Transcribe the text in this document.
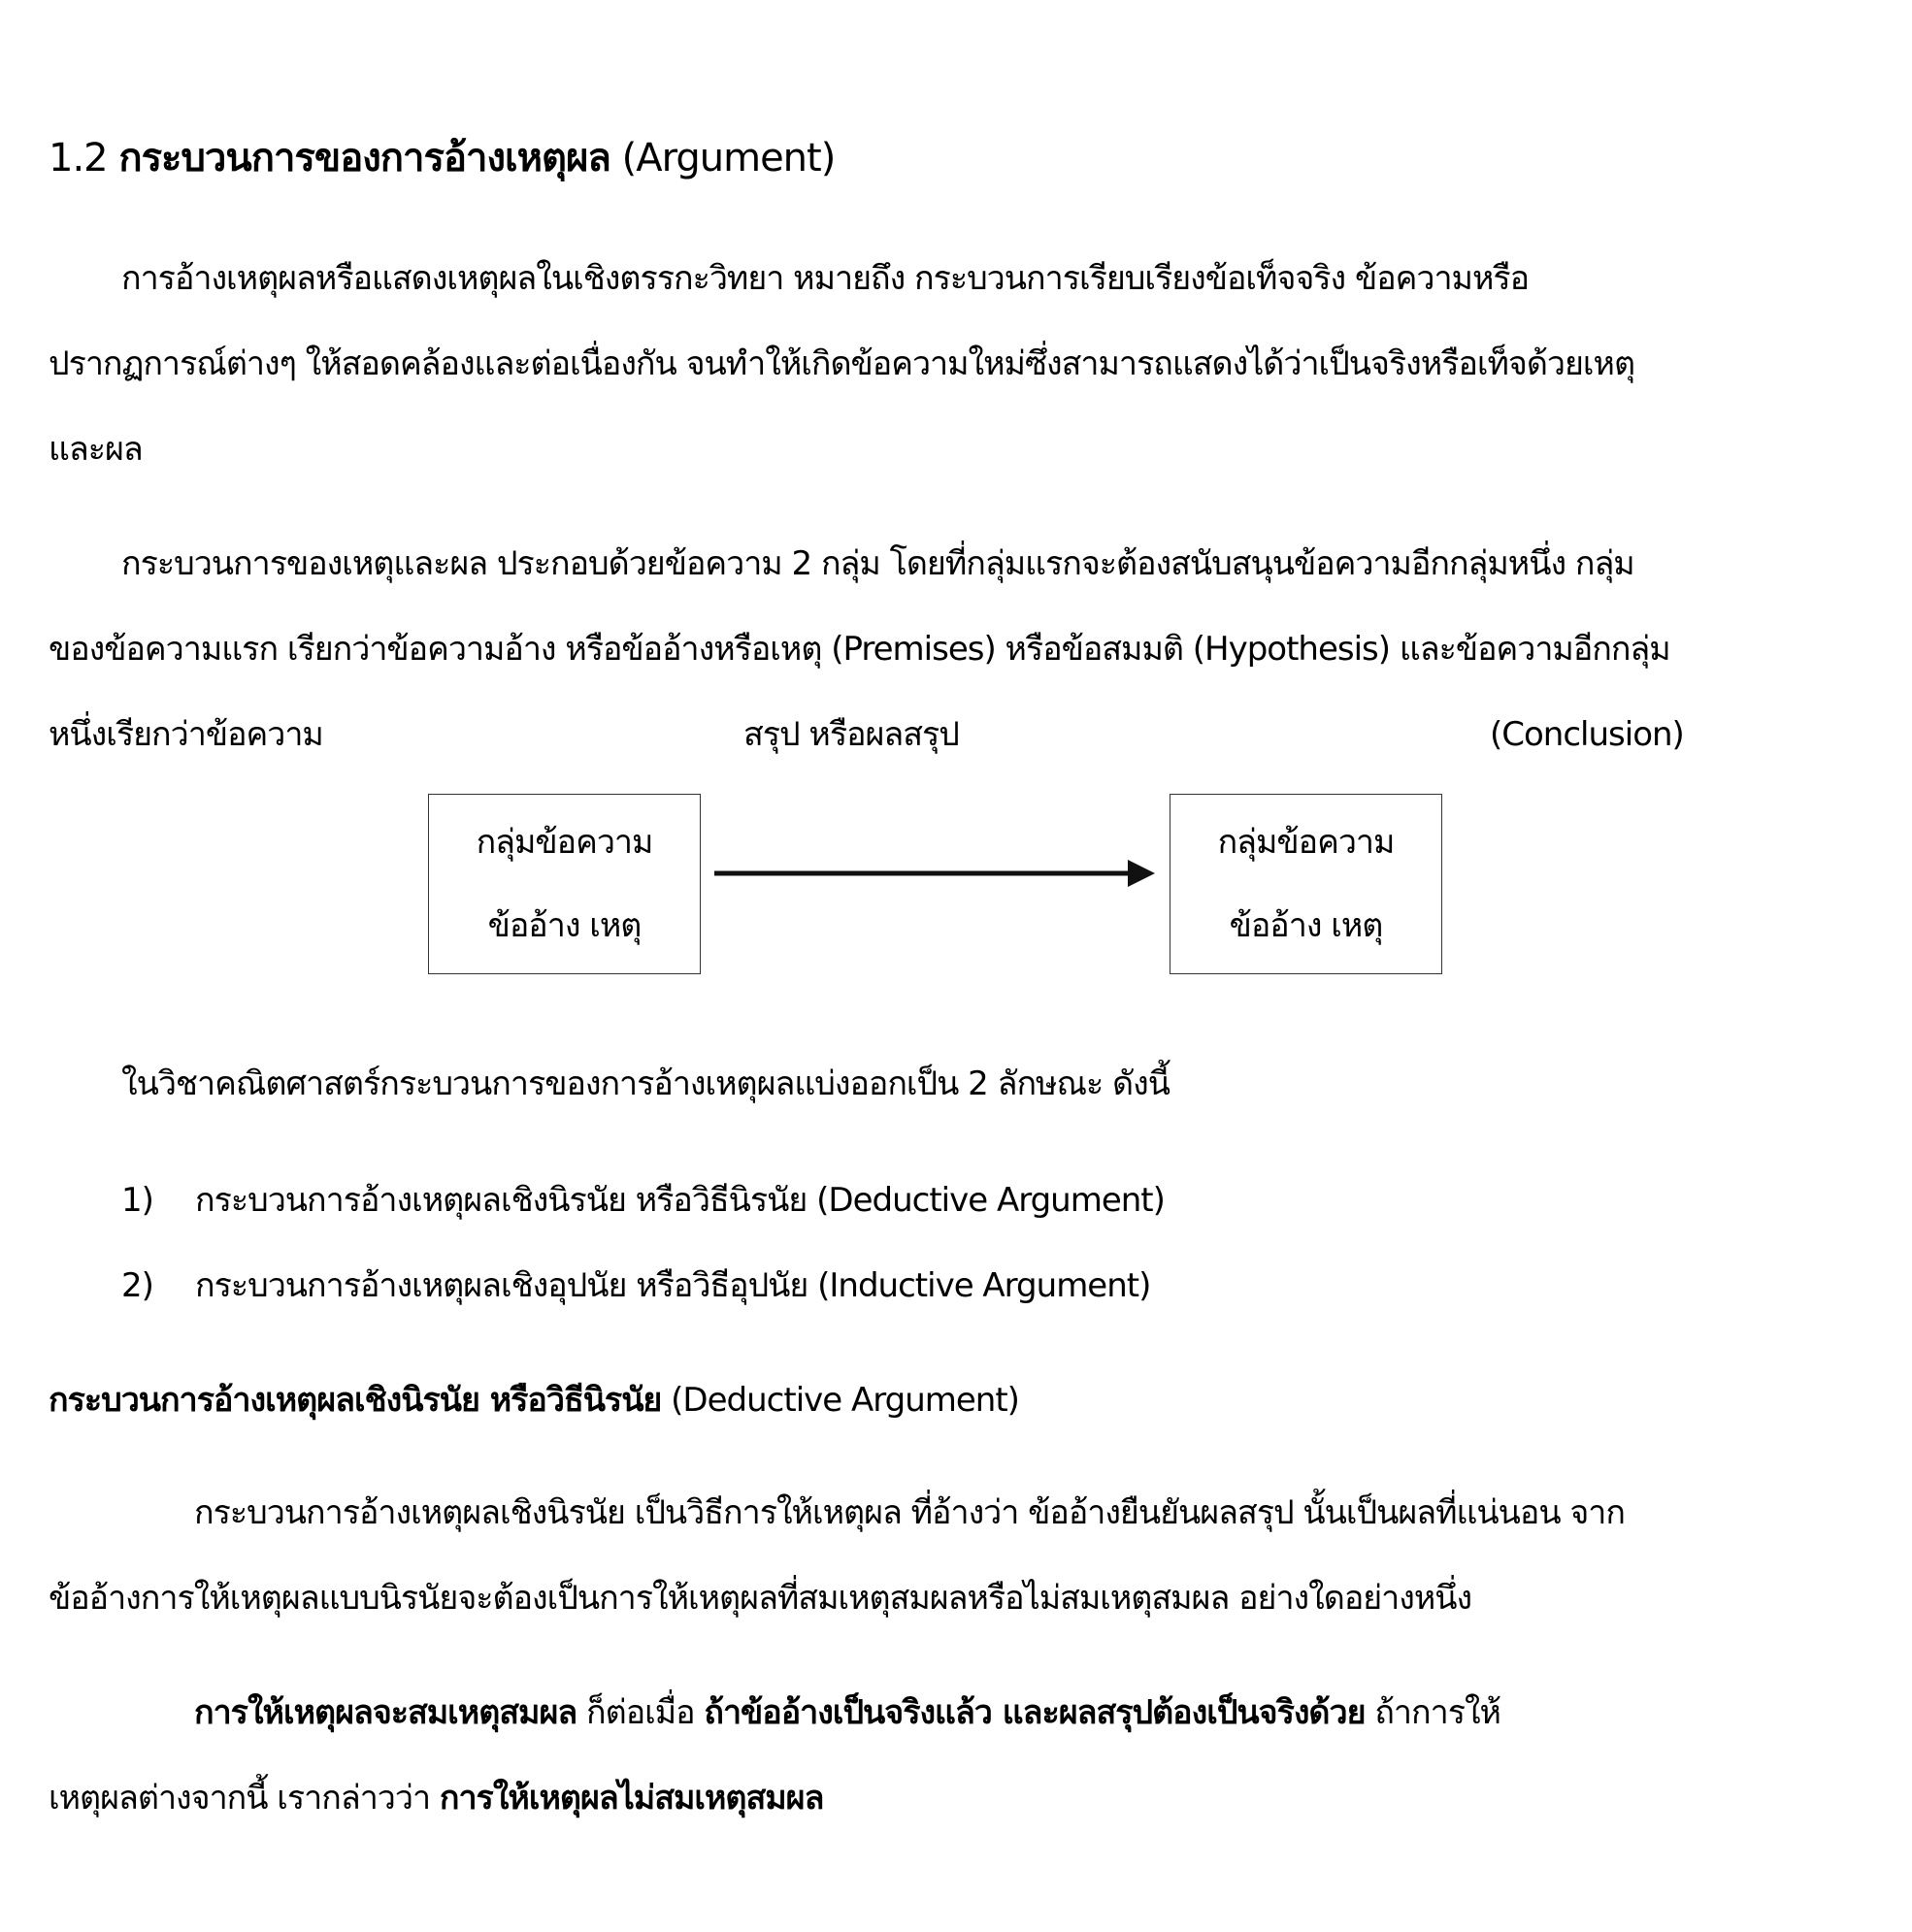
1.2 กระบวนการของการอ้างเหตุผล (Argument)
การอ้างเหตุผลหรือแสดงเหตุผลในเชิงตรรกะวิทยา หมายถึง กระบวนการเรียบเรียงข้อเท็จจริง ข้อความหรือ
ปรากฏการณ์ต่างๆ ให้สอดคล้องและต่อเนื่องกัน จนทำให้เกิดข้อความใหม่ซึ่งสามารถแสดงได้ว่าเป็นจริงหรือเท็จด้วยเหตุ
และผล
กระบวนการของเหตุและผล ประกอบด้วยข้อความ 2 กลุ่ม โดยที่กลุ่มแรกจะต้องสนับสนุนข้อความอีกกลุ่มหนึ่ง กลุ่ม
ของข้อความแรก เรียกว่าข้อความอ้าง หรือข้ออ้างหรือเหตุ (Premises) หรือข้อสมมติ (Hypothesis) และข้อความอีกกลุ่ม
หนึ่งเรียกว่าข้อความ	สรุป หรือผลสรุป	(Conclusion)
กลุ่มข้อความ
ข้ออ้าง เหตุ
กลุ่มข้อความ
ข้ออ้าง เหตุ
ในวิชาคณิตศาสตร์กระบวนการของการอ้างเหตุผลแบ่งออกเป็น 2 ลักษณะ ดังนี้
1) กระบวนการอ้างเหตุผลเชิงนิรนัย หรือวิธีนิรนัย (Deductive Argument)
2) กระบวนการอ้างเหตุผลเชิงอุปนัย หรือวิธีอุปนัย (Inductive Argument)
กระบวนการอ้างเหตุผลเชิงนิรนัย หรือวิธีนิรนัย (Deductive Argument)
กระบวนการอ้างเหตุผลเชิงนิรนัย เป็นวิธีการให้เหตุผล ที่อ้างว่า ข้ออ้างยืนยันผลสรุป นั้นเป็นผลที่แน่นอน จาก
ข้ออ้างการให้เหตุผลแบบนิรนัยจะต้องเป็นการให้เหตุผลที่สมเหตุสมผลหรือไม่สมเหตุสมผล อย่างใดอย่างหนึ่ง
การให้เหตุผลจะสมเหตุสมผล ก็ต่อเมื่อ ถ้าข้ออ้างเป็นจริงแล้ว และผลสรุปต้องเป็นจริงด้วย ถ้าการให้
เหตุผลต่างจากนี้ เรากล่าวว่า การให้เหตุผลไม่สมเหตุสมผล
